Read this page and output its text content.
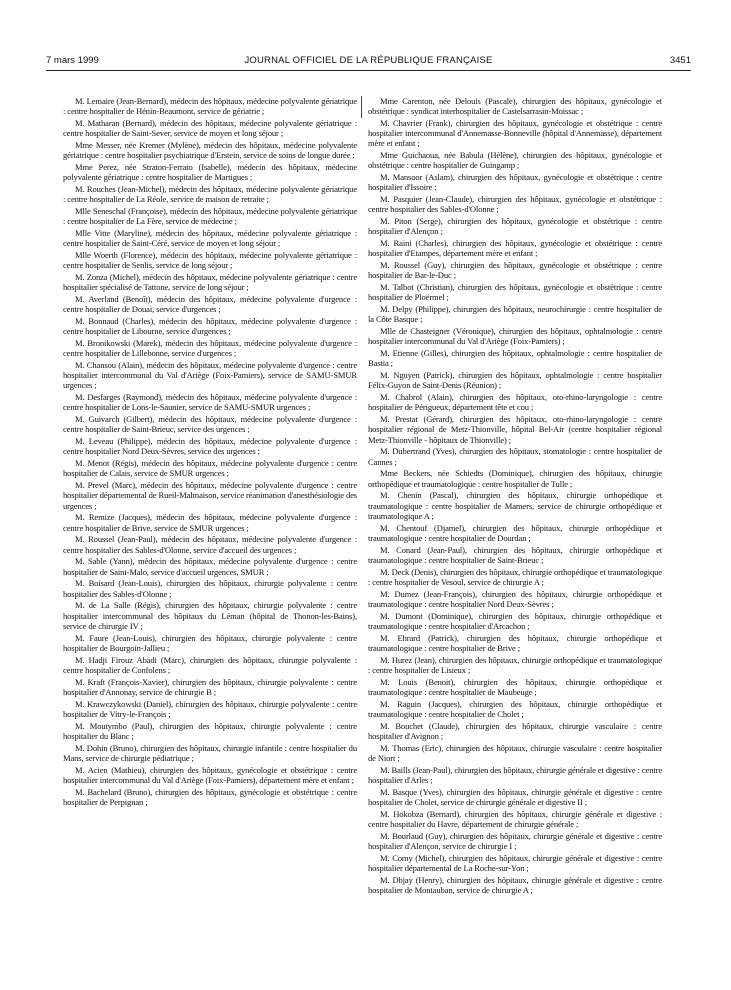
7 mars 1999	JOURNAL OFFICIEL DE LA RÉPUBLIQUE FRANÇAISE	3451

M. Lemaire (Jean-Bernard), médecin des hôpitaux, médecine polyvalente gériatrique : centre hospitalier de Hénin-Beaumont, service de gériatrie ;

M. Matharan (Bernard), médecin des hôpitaux, médecine polyvalente gériatrique : centre hospitalier de Saint-Sever, service de moyen et long séjour ;

Mme Messer, née Kremer (Mylène), médecin des hôpitaux, médecine polyvalente gériatrique : centre hospitalier psychiatrique d'Erstein, service de soins de longue durée ;

Mme Perez, née Straton-Ferrato (Isabelle), médecin des hôpitaux, médecine polyvalente gériatrique : centre hospitalier de Martigues ;

M. Rouches (Jean-Michel), médecin des hôpitaux, médecine polyvalente gériatrique : centre hospitalier de La Réole, service de maison de retraite ;

Mlle Seneschal (Françoise), médecin des hôpitaux, médecine polyvalente gériatrique : centre hospitalier de La Fère, service de médecine ;

Mlle Vitte (Maryline), médecin des hôpitaux, médecine polyvalente gériatrique : centre hospitalier de Saint-Céré, service de moyen et long séjour ;

Mlle Woerth (Florence), médecin des hôpitaux, médecine polyvalente gériatrique : centre hospitalier de Senlis, service de long séjour ;

M. Zonza (Michel), médecin des hôpitaux, médecine polyvalente gériatrique : centre hospitalier spécialisé de Tattone, service de long séjour ;

M. Averland (Benoît), médecin des hôpitaux, médecine polyvalente d'urgence : centre hospitalier de Douai, service d'urgences ;

M. Bonnaud (Charles), médecin des hôpitaux, médecine polyvalente d'urgence : centre hospitalier de Libourne, service d'urgences ;

M. Bronikowski (Marek), médecin des hôpitaux, médecine polyvalente d'urgence : centre hospitalier de Lillebonne, service d'urgences ;

M. Chansou (Alain), médecin des hôpitaux, médecine polyvalente d'urgence : centre hospitalier intercommunal du Val d'Ariège (Foix-Pamiers), service de SAMU-SMUR urgences ;

M. Desfarges (Raymond), médecin des hôpitaux, médecine polyvalente d'urgence : centre hospitalier de Lons-le-Saunier, service de SAMU-SMUR urgences ;

M. Guivarch (Gilbert), médecin des hôpitaux, médecine polyvalente d'urgence : centre hospitalier de Saint-Brieuc, service des urgences ;

M. Leveau (Philippe), médecin des hôpitaux, médecine polyvalente d'urgence : centre hospitalier Nord Deux-Sèvres, service des urgences ;

M. Menot (Régis), médecin des hôpitaux, médecine polyvalente d'urgence : centre hospitalier de Calais, service de SMUR urgences ;

M. Prevel (Marc), médecin des hôpitaux, médecine polyvalente d'urgence : centre hospitalier départemental de Rueil-Malmaison, service réanimation d'anesthésiologie des urgences ;

M. Remize (Jacques), médecin des hôpitaux, médecine polyvalente d'urgence : centre hospitalier de Brive, service de SMUR urgences ;

M. Roussel (Jean-Paul), médecin des hôpitaux, médecine polyvalente d'urgence : centre hospitalier des Sables-d'Olonne, service d'accueil des urgences ;

M. Sable (Yann), médecin des hôpitaux, médecine polyvalente d'urgence : centre hospitalier de Saint-Malo, service d'accueil urgences, SMUR ;

M. Boisard (Jean-Louis), chirurgien des hôpitaux, chirurgie polyvalente : centre hospitalier des Sables-d'Olonne ;

M. de La Salle (Régis), chirurgien des hôpitaux, chirurgie polyvalente : centre hospitalier intercommunal des hôpitaux du Léman (hôpital de Thonon-les-Bains), service de chirurgie IV ;

M. Faure (Jean-Louis), chirurgien des hôpitaux, chirurgie polyvalente : centre hospitalier de Bourgoin-Jallieu ;

M. Hadji Firouz Abadi (Marc), chirurgien des hôpitaux, chirurgie polyvalente : centre hospitalier de Confolens ;

M. Kraft (François-Xavier), chirurgien des hôpitaux, chirurgie polyvalente : centre hospitalier d'Annonay, service de chirurgie B ;

M. Krawczykowski (Daniel), chirurgien des hôpitaux, chirurgie polyvalente : centre hospitalier de Vitry-le-François ;

M. Moutymbo (Paul), chirurgien des hôpitaux, chirurgie polyvalente : centre hospitalier du Blanc ;

M. Dohin (Bruno), chirurgien des hôpitaux, chirurgie infantile : centre hospitalier du Mans, service de chirurgie pédiatrique ;

M. Acien (Mathieu), chirurgien des hôpitaux, gynécologie et obstétrique : centre hospitalier intercommunal du Val d'Ariège (Foix-Pamiers), département mère et enfant ;

M. Bachelard (Bruno), chirurgien des hôpitaux, gynécologie et obstétrique : centre hospitalier de Perpignan ;

Mme Carenton, née Delouis (Pascale), chirurgien des hôpitaux, gynécologie et obstétrique : syndicat interhospitalier de Castelsarrasin-Moissac ;

M. Chavrier (Frank), chirurgien des hôpitaux, gynécologie et obstétrique : centre hospitalier intercommunal d'Annemasse-Bonneville (hôpital d'Annemasse), département mère et enfant ;

Mme Guichaoua, née Babula (Hélène), chirurgien des hôpitaux, gynécologie et obstétrique : centre hospitalier de Guingamp ;

M. Mansoor (Aslam), chirurgien des hôpitaux, gynécologie et obstétrique : centre hospitalier d'Issoire ;

M. Pasquier (Jean-Claude), chirurgien des hôpitaux, gynécologie et obstétrique : centre hospitalier des Sables-d'Olonne ;

M. Piton (Serge), chirurgien des hôpitaux, gynécologie et obstétrique : centre hospitalier d'Alençon ;

M. Raini (Charles), chirurgien des hôpitaux, gynécologie et obstétrique : centre hospitalier d'Etampes, département mère et enfant ;

M. Roussel (Guy), chirurgien des hôpitaux, gynécologie et obstétrique : centre hospitalier de Bar-le-Duc ;

M. Talbot (Christian), chirurgien des hôpitaux, gynécologie et obstétrique : centre hospitalier de Ploërmel ;

M. Delpy (Philippe), chirurgien des hôpitaux, neurochirurgie : centre hospitalier de la Côte Basque ;

Mlle de Chasteigner (Véronique), chirurgien des hôpitaux, ophtalmologie : centre hospitalier intercommunal du Val d'Ariège (Foix-Pamiers) ;

M. Etienne (Gilles), chirurgien des hôpitaux, ophtalmologie : centre hospitalier de Bastia ;

M. Nguyen (Patrick), chirurgien des hôpitaux, ophtalmologie : centre hospitalier Félix-Guyon de Saint-Denis (Réunion) ;

M. Chabrol (Alain), chirurgien des hôpitaux, oto-rhino-laryngologie : centre hospitalier de Périgueux, département tête et cou ;

M. Prestat (Gérard), chirurgien des hôpitaux, oto-rhino-laryngologie : centre hospitalier régional de Metz-Thionville, hôpital Bel-Air (centre hospitalier régional Metz-Thionville - hôpitaux de Thionville) ;

M. Dubertrand (Yves), chirurgien des hôpitaux, stomatologie : centre hospitalier de Cannes ;

Mme Beckers, née Schiedts (Dominique), chirurgien des hôpitaux, chirurgie orthopédique et traumatologique : centre hospitalier de Tulle ;

M. Chenin (Pascal), chirurgien des hôpitaux, chirurgie orthopédique et traumatologique : centre hospitalier de Mamers, service de chirurgie orthopédique et traumatologique A ;

M. Chentouf (Djamel), chirurgien des hôpitaux, chirurgie orthopédique et traumatologique : centre hospitalier de Dourdan ;

M. Conard (Jean-Paul), chirurgien des hôpitaux, chirurgie orthopédique et traumatologique : centre hospitalier de Saint-Brieuc ;

M. Deck (Denis), chirurgien des hôpitaux, chirurgie orthopédique et traumatologique : centre hospitalier de Vesoul, service de chirurgie A ;

M. Dumez (Jean-François), chirurgien des hôpitaux, chirurgie orthopédique et traumatologique : centre hospitalier Nord Deux-Sèvres ;

M. Dumont (Dominique), chirurgien des hôpitaux, chirurgie orthopédique et traumatologique : centre hospitalier d'Arcachon ;

M. Ehrard (Patrick), chirurgien des hôpitaux, chirurgie orthopédique et traumatologique : centre hospitalier de Brive ;

M. Hurez (Jean), chirurgien des hôpitaux, chirurgie orthopédique et traumatologique : centre hospitalier de Lisieux ;

M. Louis (Benoit), chirurgien des hôpitaux, chirurgie orthopédique et traumatologique : centre hospitalier de Maubeuge ;

M. Raguin (Jacques), chirurgien des hôpitaux, chirurgie orthopédique et traumatologique : centre hospitalier de Cholet ;

M. Bouchet (Claude), chirurgien des hôpitaux, chirurgie vasculaire : centre hospitalier d'Avignon ;

M. Thomas (Eric), chirurgien des hôpitaux, chirurgie vasculaire : centre hospitalier de Niort ;

M. Baills (Jean-Paul), chirurgien des hôpitaux, chirurgie générale et digestive : centre hospitalier d'Arles ;

M. Basque (Yves), chirurgien des hôpitaux, chirurgie générale et digestive : centre hospitalier de Cholet, service de chirurgie générale et digestive II ;

M. Hokobza (Bernard), chirurgien des hôpitaux, chirurgie générale et digestive : centre hospitalier du Havre, département de chirurgie générale ;

M. Bourlaud (Guy), chirurgien des hôpitaux, chirurgie générale et digestive : centre hospitalier d'Alençon, service de chirurgie I ;

M. Comy (Michel), chirurgien des hôpitaux, chirurgie générale et digestive : centre hospitalier départemental de La Roche-sur-Yon ;

M. Dbjay (Henry), chirurgien des hôpitaux, chirurgie générale et digestive : centre hospitalier de Montauban, service de chirurgie A ;
